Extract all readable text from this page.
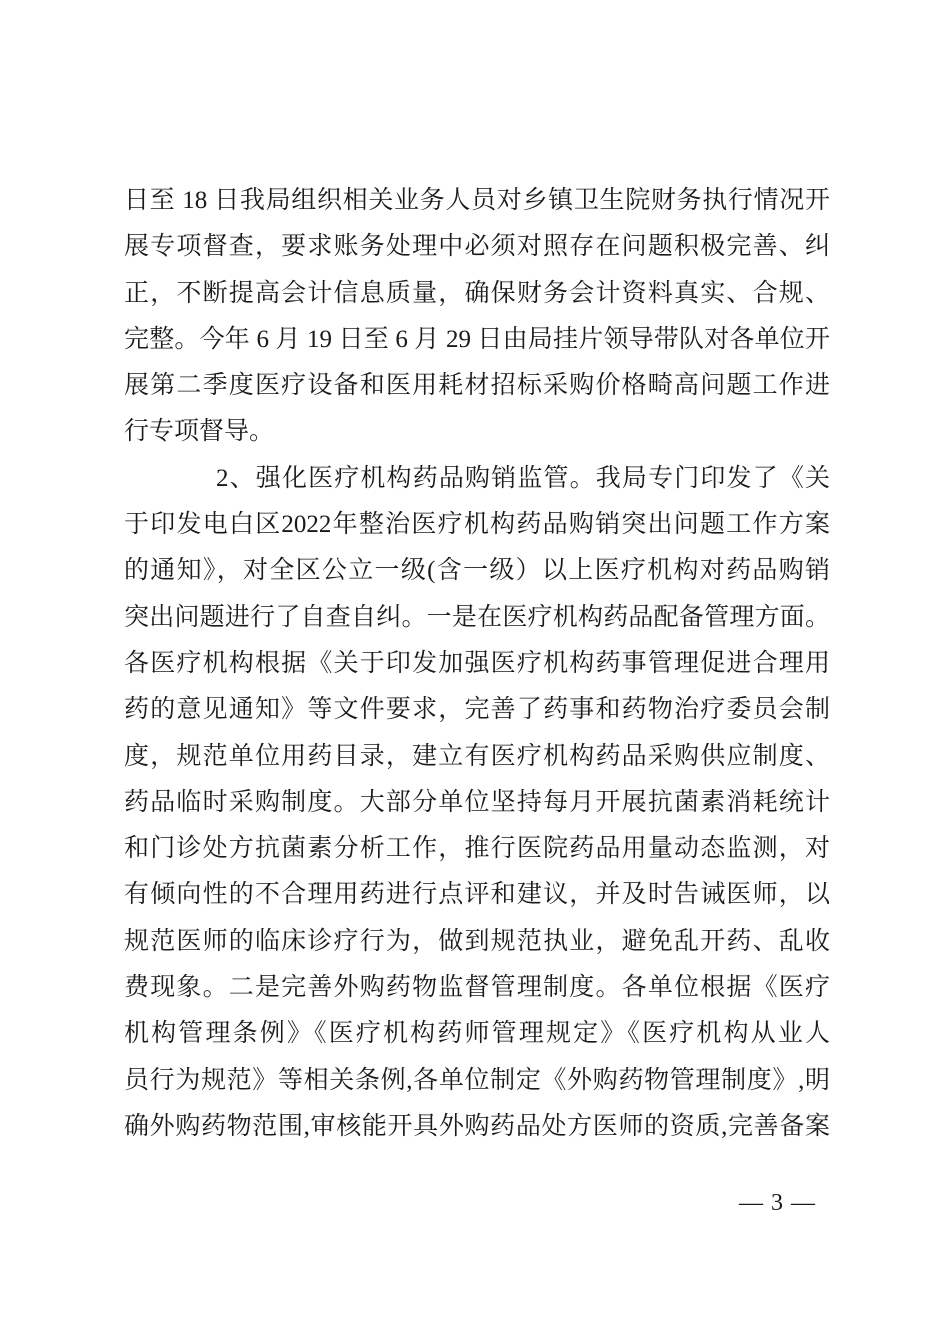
日至 18 日我局组织相关业务人员对乡镇卫生院财务执行情况开
展专项督查，要求账务处理中必须对照存在问题积极完善、纠
正，不断提高会计信息质量，确保财务会计资料真实、合规、
完整。今年 6 月 19 日至 6 月 29 日由局挂片领导带队对各单位开
展第二季度医疗设备和医用耗材招标采购价格畸高问题工作进
行专项督导。
2、强化医疗机构药品购销监管。我局专门印发了《关
于印发电白区2022年整治医疗机构药品购销突出问题工作方案
的通知》，对全区公立一级(含一级）以上医疗机构对药品购销
突出问题进行了自查自纠。一是在医疗机构药品配备管理方面。
各医疗机构根据《关于印发加强医疗机构药事管理促进合理用
药的意见通知》等文件要求，完善了药事和药物治疗委员会制
度，规范单位用药目录，建立有医疗机构药品采购供应制度、
药品临时采购制度。大部分单位坚持每月开展抗菌素消耗统计
和门诊处方抗菌素分析工作，推行医院药品用量动态监测，对
有倾向性的不合理用药进行点评和建议，并及时告诫医师，以
规范医师的临床诊疗行为，做到规范执业，避免乱开药、乱收
费现象。二是完善外购药物监督管理制度。各单位根据《医疗
机构管理条例》《医疗机构药师管理规定》《医疗机构从业人
员行为规范》等相关条例,各单位制定《外购药物管理制度》,明
确外购药物范围,审核能开具外购药品处方医师的资质,完善备案
— 3 —
